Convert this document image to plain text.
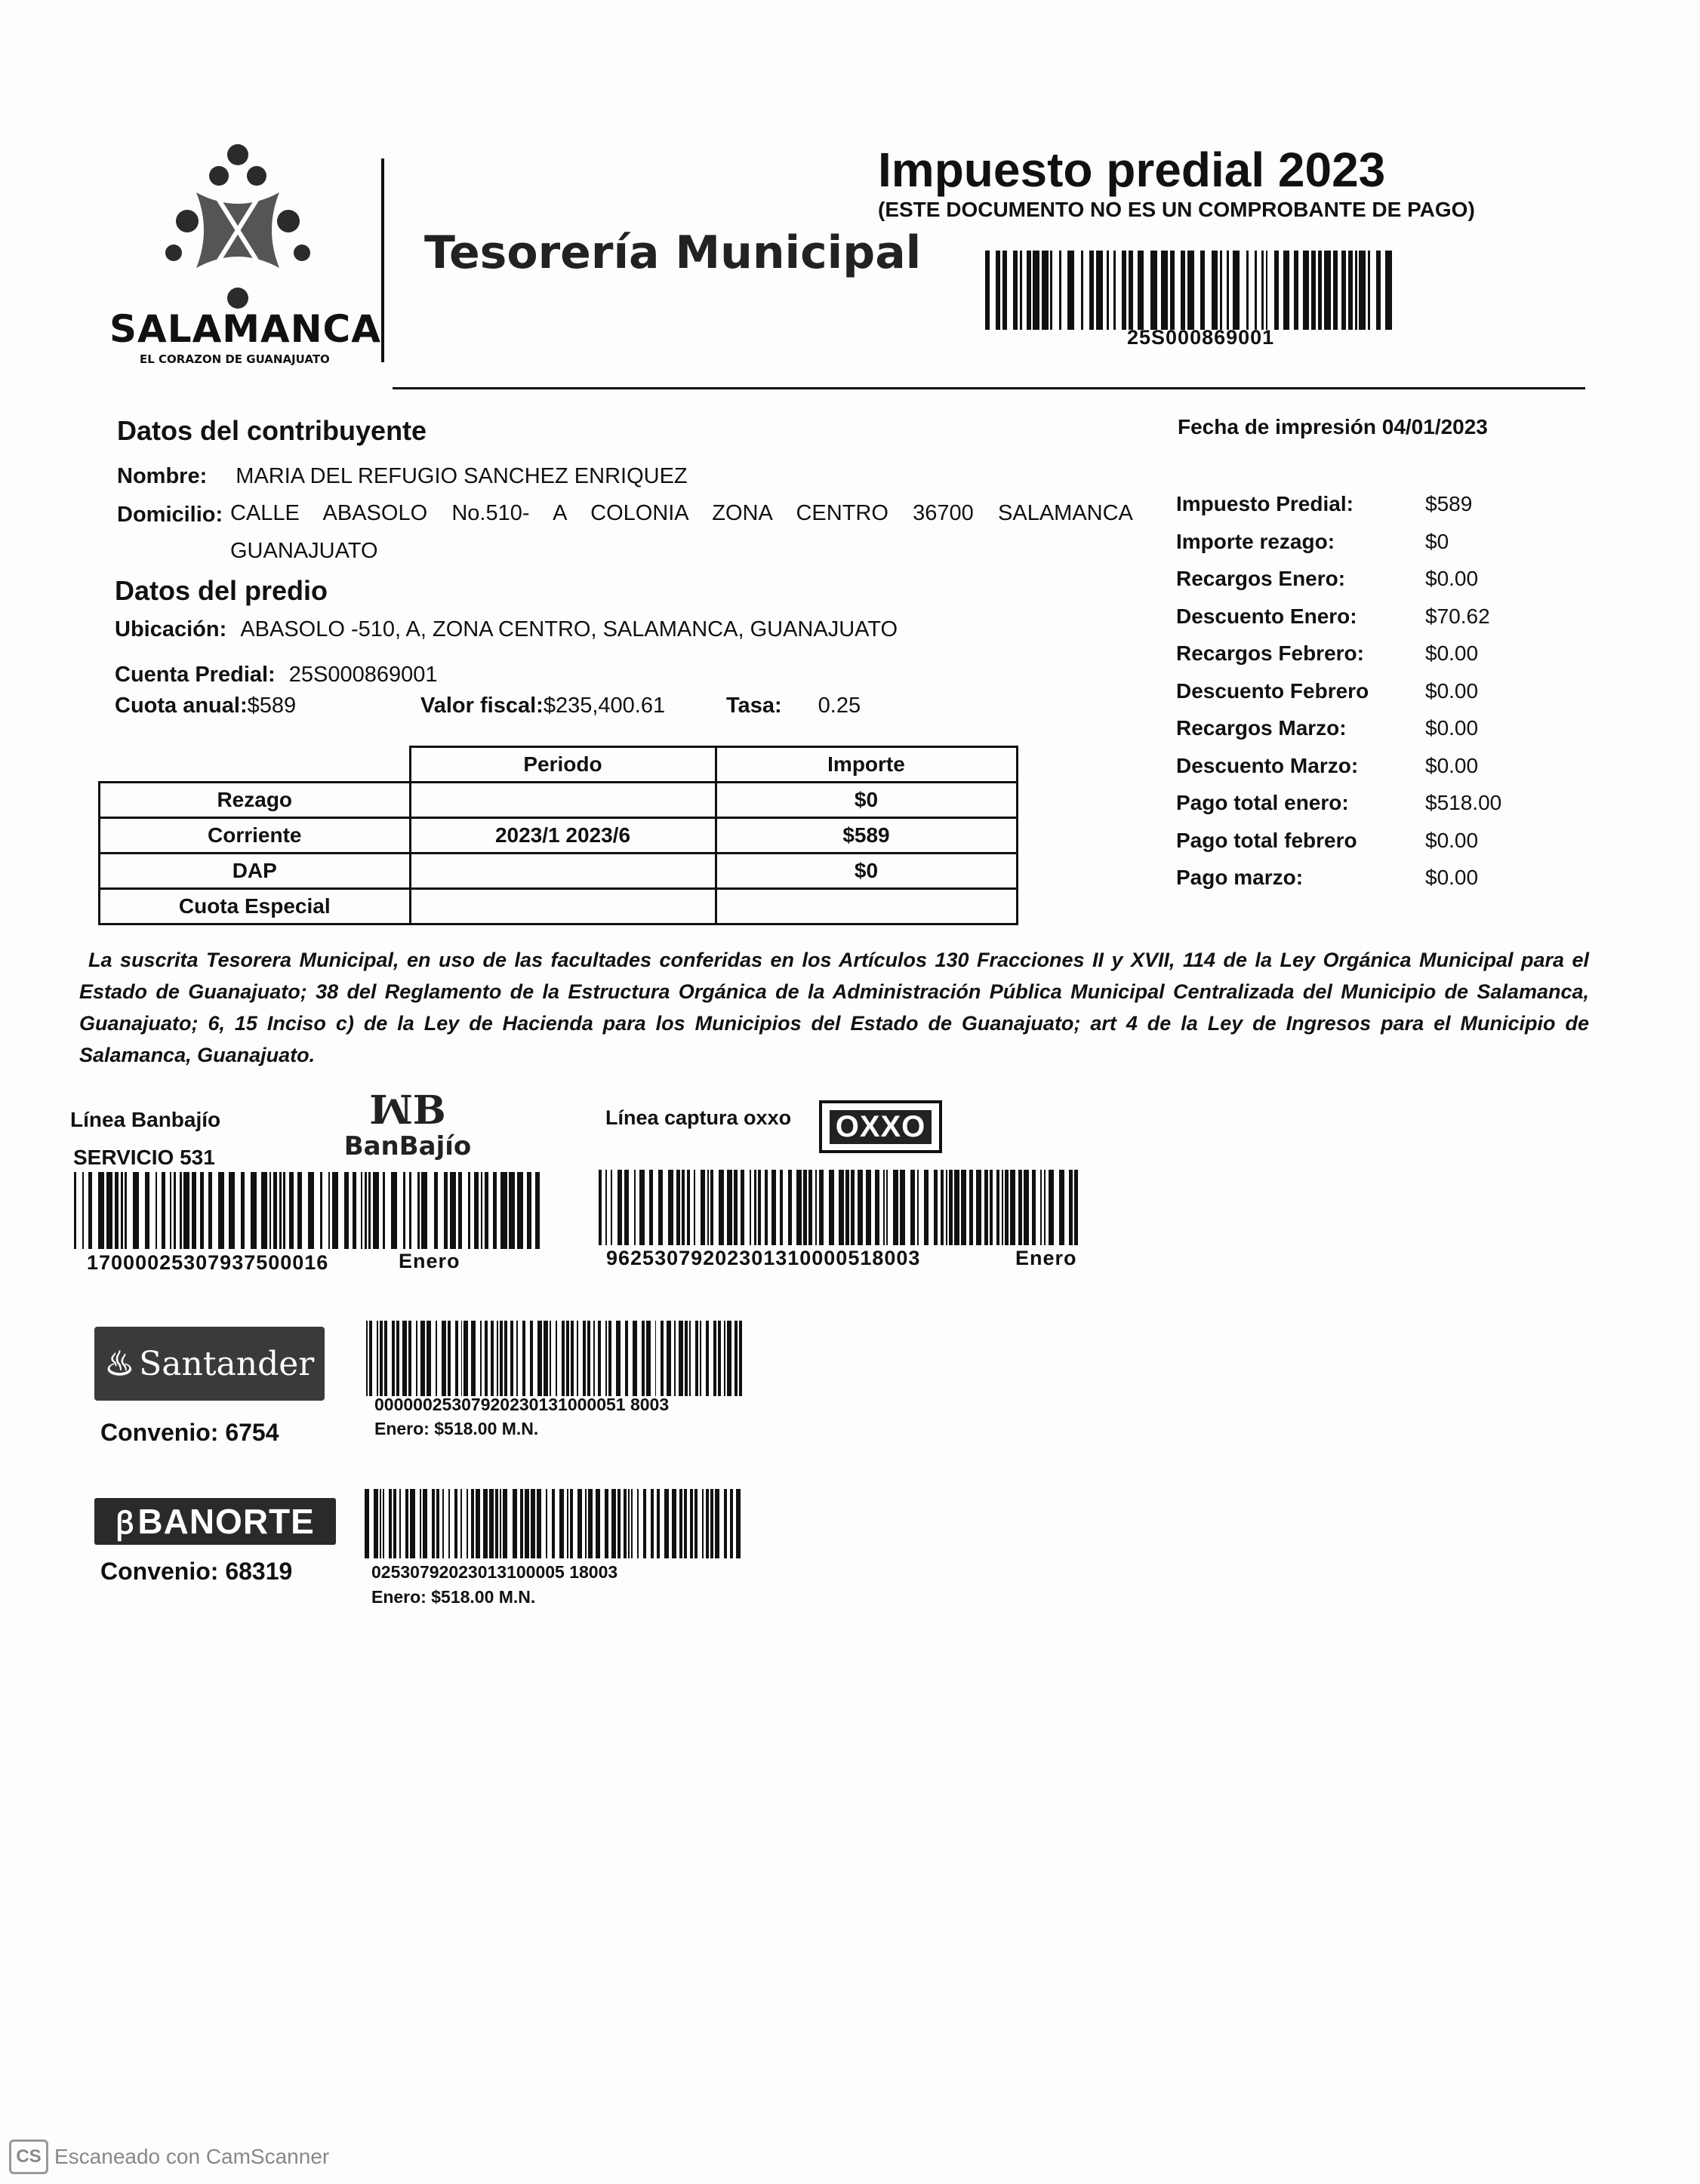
SALAMANCA
EL CORAZON DE GUANAJUATO
Tesorería Municipal
Impuesto predial 2023
(ESTE DOCUMENTO NO ES UN COMPROBANTE DE PAGO)
25S000869001
Datos del contribuyente
Nombre: MARIA DEL REFUGIO SANCHEZ ENRIQUEZ
Domicilio: CALLE    ABASOLO    No.510-    A    COLONIA    ZONA    CENTRO    36700    SALAMANCA
GUANAJUATO
Datos del predio
Ubicación: ABASOLO -510, A, ZONA CENTRO, SALAMANCA, GUANAJUATO
Cuenta Predial: 25S000869001
Cuota anual:$589	Valor fiscal:$235,400.61	Tasa: 0.25
	Periodo	Importe
Rezago		$0
Corriente	2023/1 2023/6	$589
DAP		$0
Cuota Especial		
Fecha de impresión 04/01/2023
Impuesto Predial:	$589
Importe rezago:	$0
Recargos Enero:	$0.00
Descuento Enero:	$70.62
Recargos Febrero:	$0.00
Descuento Febrero	$0.00
Recargos Marzo:	$0.00
Descuento Marzo:	$0.00
Pago total enero:	$518.00
Pago total febrero	$0.00
Pago marzo:	$0.00
La suscrita Tesorera Municipal, en uso de las facultades conferidas en los Artículos 130 Fracciones II y XVII, 114 de la Ley Orgánica Municipal para el Estado de Guanajuato; 38 del Reglamento de la Estructura Orgánica de la Administración Pública Municipal Centralizada del Municipio de Salamanca, Guanajuato; 6, 15 Inciso c) de la Ley de Hacienda para los Municipios del Estado de Guanajuato; art 4 de la Ley de Ingresos para el Municipio de Salamanca, Guanajuato.
Línea Banbajío
SERVICIO 531
ꟽB
BanBajío
17000025307937500016	Enero
Línea captura oxxo OXXO
96253079202301310000518003	Enero
♨ Santander
Convenio: 6754
00000025307920230131000051 8003
Enero: $518.00 M.N.
ꞵ BANORTE
Convenio: 68319	02530792023013100005 18003
Enero: $518.00 M.N.
CS Escaneado con CamScanner
